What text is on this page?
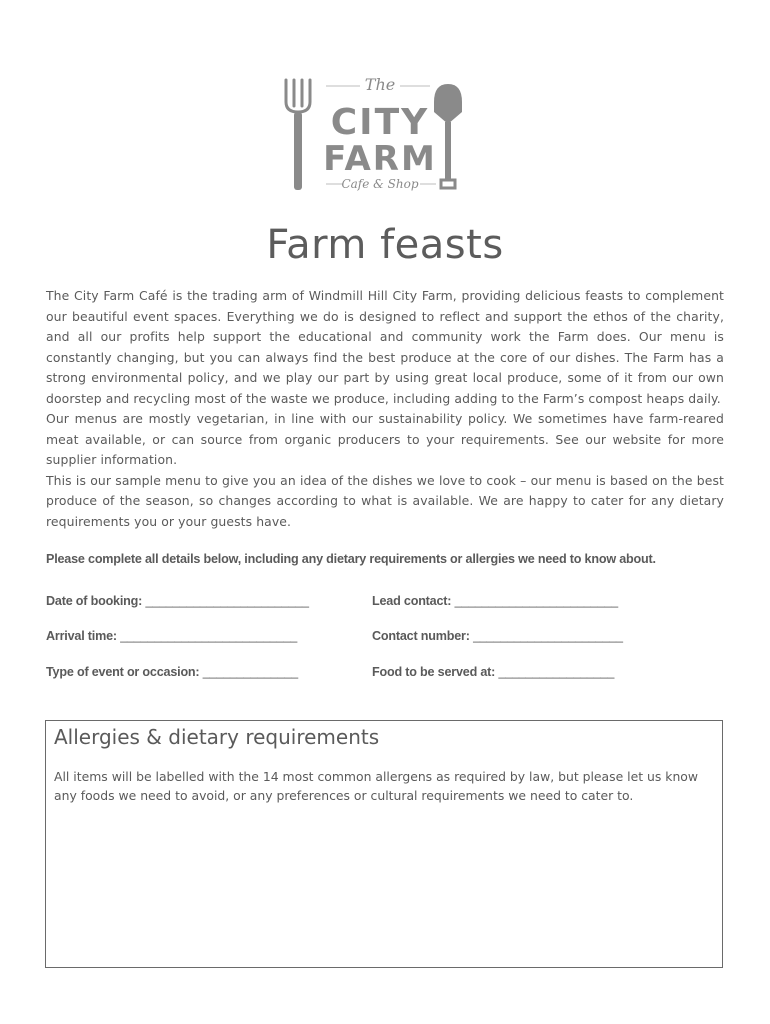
The
CITY
FARM
Cafe & Shop
Farm feasts

The City Farm Café is the trading arm of Windmill Hill City Farm, providing delicious feasts to complement our beautiful event spaces. Everything we do is designed to reflect and support the ethos of the charity, and all our profits help support the educational and community work the Farm does. Our menu is constantly changing, but you can always find the best produce at the core of our dishes. The Farm has a strong environmental policy, and we play our part by using great local produce, some of it from our own doorstep and recycling most of the waste we produce, including adding to the Farm’s compost heaps daily.

Our menus are mostly vegetarian, in line with our sustainability policy. We sometimes have farm-reared meat available, or can source from organic producers to your requirements. See our website for more supplier information.

This is our sample menu to give you an idea of the dishes we love to cook – our menu is based on the best produce of the season, so changes according to what is available. We are happy to cater for any dietary requirements you or your guests have.

Please complete all details below, including any dietary requirements or allergies we need to know about.
Date of booking: ________________________	Lead contact: ________________________
Arrival time: __________________________	Contact number: ______________________
Type of event or occasion: ______________	Food to be served at: _________________
Allergies & dietary requirements
All items will be labelled with the 14 most common allergens as required by law, but please let us know any foods we need to avoid, or any preferences or cultural requirements we need to cater to.
